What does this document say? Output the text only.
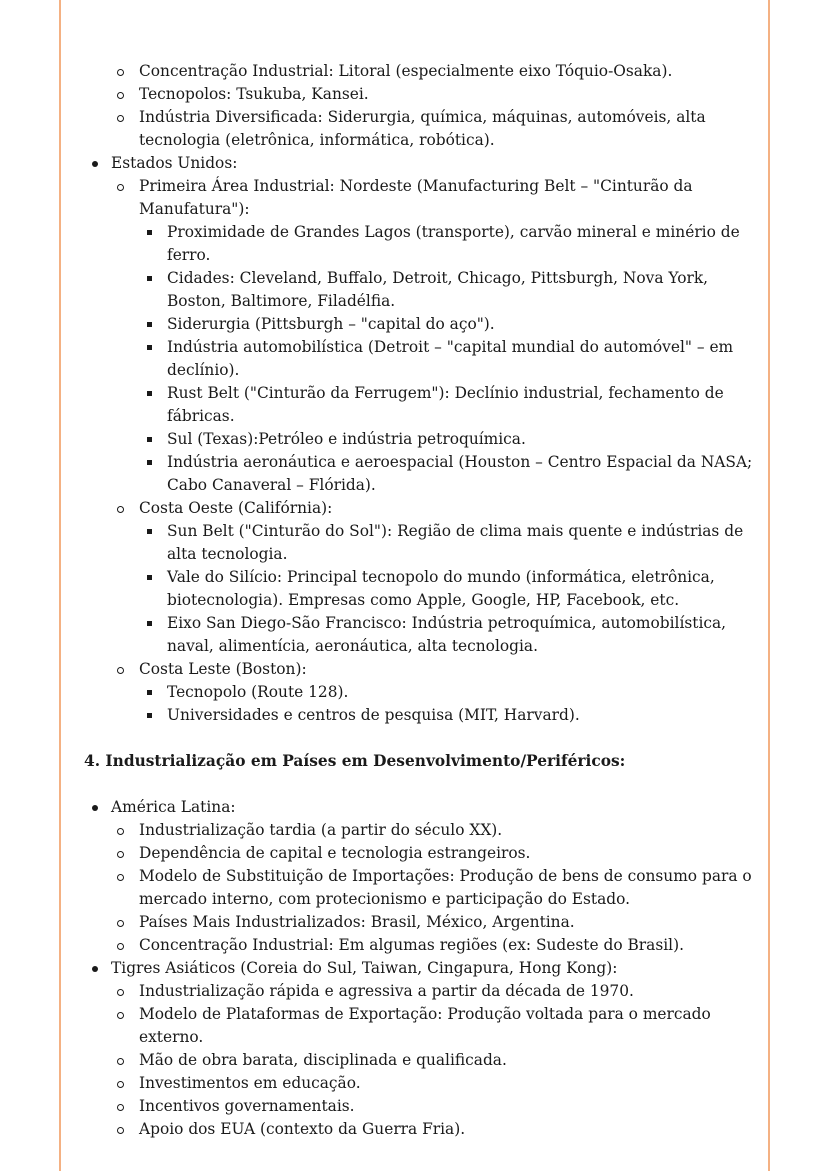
Concentração Industrial: Litoral (especialmente eixo Tóquio-Osaka).
Tecnopolos: Tsukuba, Kansei.
Indústria Diversificada: Siderurgia, química, máquinas, automóveis, alta tecnologia (eletrônica, informática, robótica).
Estados Unidos:
Primeira Área Industrial: Nordeste (Manufacturing Belt – "Cinturão da Manufatura"):
Proximidade de Grandes Lagos (transporte), carvão mineral e minério de ferro.
Cidades: Cleveland, Buffalo, Detroit, Chicago, Pittsburgh, Nova York, Boston, Baltimore, Filadélfia.
Siderurgia (Pittsburgh – "capital do aço").
Indústria automobilística (Detroit – "capital mundial do automóvel" – em declínio).
Rust Belt ("Cinturão da Ferrugem"): Declínio industrial, fechamento de fábricas.
Sul (Texas):Petróleo e indústria petroquímica.
Indústria aeronáutica e aeroespacial (Houston – Centro Espacial da NASA; Cabo Canaveral – Flórida).
Costa Oeste (Califórnia):
Sun Belt ("Cinturão do Sol"): Região de clima mais quente e indústrias de alta tecnologia.
Vale do Silício: Principal tecnopolo do mundo (informática, eletrônica, biotecnologia). Empresas como Apple, Google, HP, Facebook, etc.
Eixo San Diego-São Francisco: Indústria petroquímica, automobilística, naval, alimentícia, aeronáutica, alta tecnologia.
Costa Leste (Boston):
Tecnopolo (Route 128).
Universidades e centros de pesquisa (MIT, Harvard).
4. Industrialização em Países em Desenvolvimento/Periféricos:
América Latina:
Industrialização tardia (a partir do século XX).
Dependência de capital e tecnologia estrangeiros.
Modelo de Substituição de Importações: Produção de bens de consumo para o mercado interno, com protecionismo e participação do Estado.
Países Mais Industrializados: Brasil, México, Argentina.
Concentração Industrial: Em algumas regiões (ex: Sudeste do Brasil).
Tigres Asiáticos (Coreia do Sul, Taiwan, Cingapura, Hong Kong):
Industrialização rápida e agressiva a partir da década de 1970.
Modelo de Plataformas de Exportação: Produção voltada para o mercado externo.
Mão de obra barata, disciplinada e qualificada.
Investimentos em educação.
Incentivos governamentais.
Apoio dos EUA (contexto da Guerra Fria).
